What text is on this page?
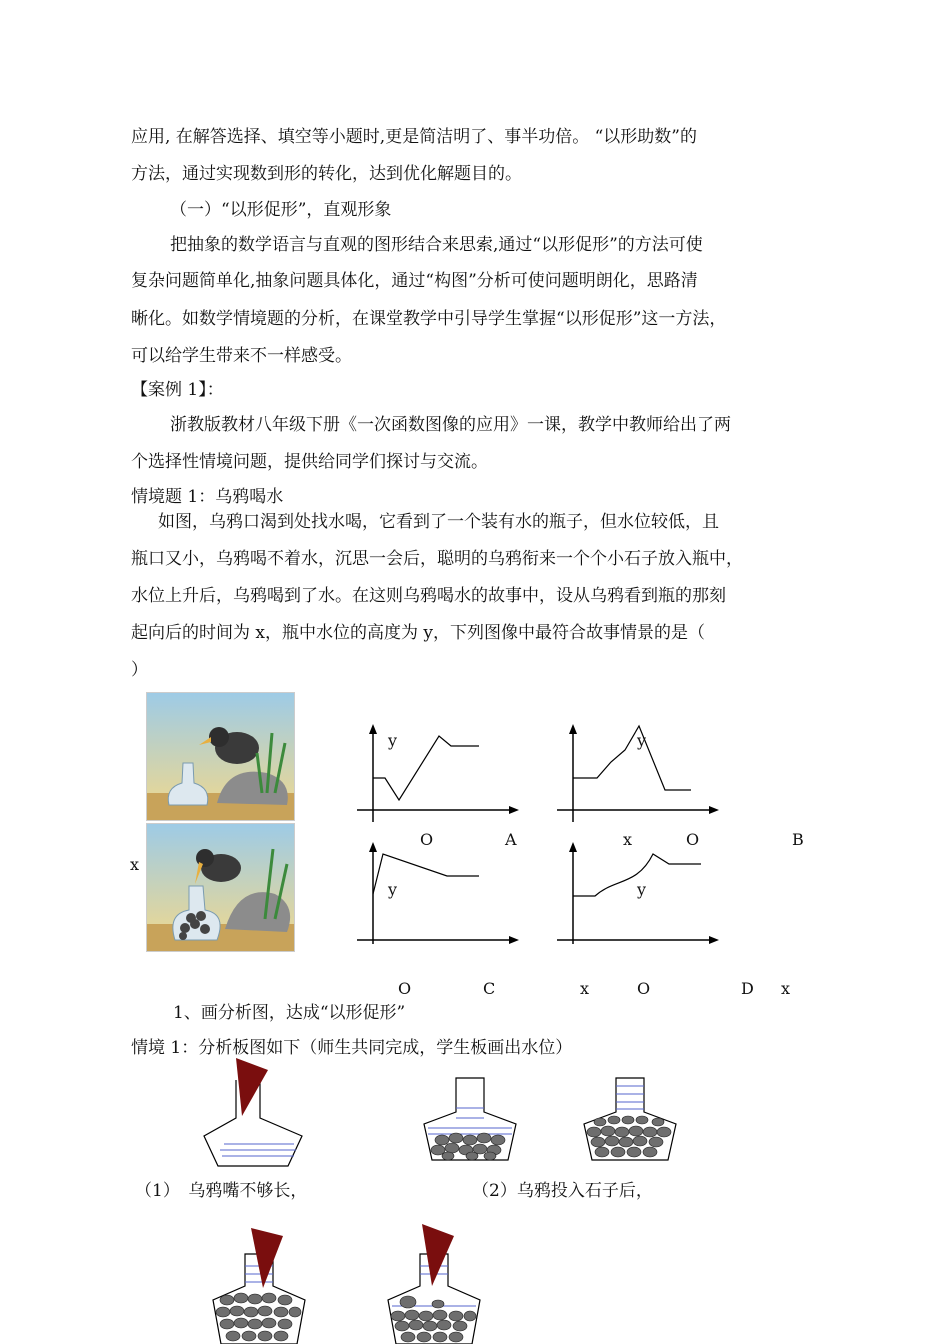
应用, 在解答选择、填空等小题时,更是简洁明了、事半功倍。 “以形助数”的
方法，通过实现数到形的转化，达到优化解题目的。
（一）“以形促形”，直观形象
把抽象的数学语言与直观的图形结合来思索,通过“以形促形”的方法可使
复杂问题简单化,抽象问题具体化，通过“构图”分析可使问题明朗化，思路清
晰化。如数学情境题的分析，在课堂教学中引导学生掌握“以形促形”这一方法，
可以给学生带来不一样感受。
【案例 1】：
浙教版教材八年级下册《一次函数图像的应用》一课，教学中教师给出了两
个选择性情境问题，提供给同学们探讨与交流。
情境题 1：乌鸦喝水
如图，乌鸦口渴到处找水喝，它看到了一个装有水的瓶子，但水位较低，且
瓶口又小，乌鸦喝不着水，沉思一会后，聪明的乌鸦衔来一个个小石子放入瓶中，
水位上升后，乌鸦喝到了水。在这则乌鸦喝水的故事中，设从乌鸦看到瓶的那刻
起向后的时间为 x，瓶中水位的高度为 y，下列图像中最符合故事情景的是（
）
y	y
O	A	x	O	B
x
y	y
O	C	x	O	D x
1、画分析图，达成“以形促形”
情境 1：分析板图如下（师生共同完成，学生板画出水位）
（1）　乌鸦嘴不够长，	（2）乌鸦投入石子后，
